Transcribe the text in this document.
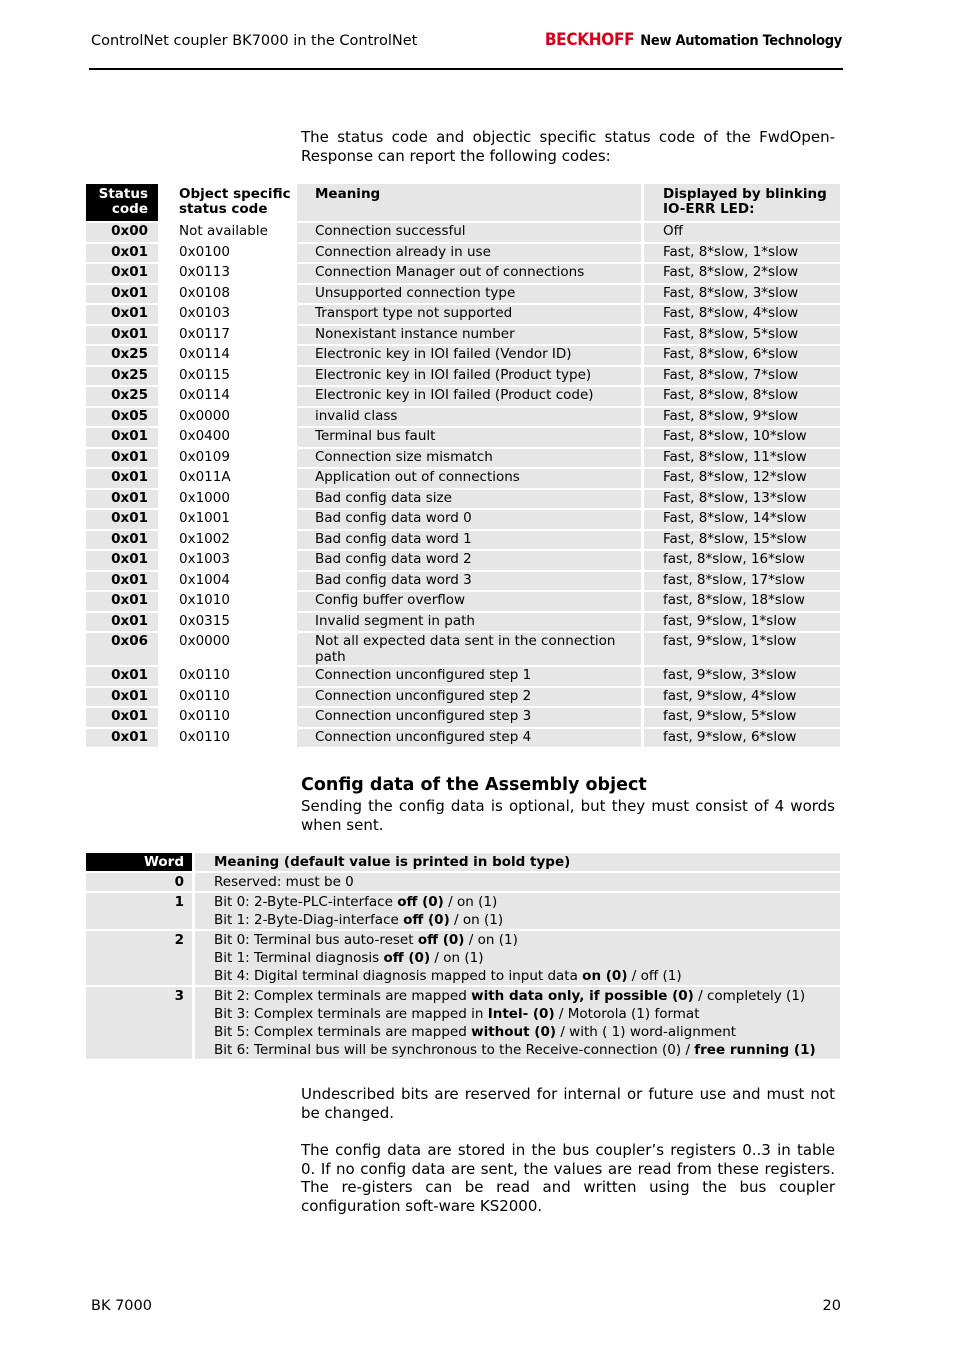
ControlNet coupler BK7000 in the ControlNet	BECKHOFF New Automation Technology
The status code and objectic specific status code of the FwdOpen-Response can report the following codes:
Status code	Object specific status code	Meaning	Displayed by blinking IO-ERR LED:
0x00	Not available	Connection successful	Off
0x01	0x0100	Connection already in use	Fast, 8*slow, 1*slow
0x01	0x0113	Connection Manager out of connections	Fast, 8*slow, 2*slow
0x01	0x0108	Unsupported connection type	Fast, 8*slow, 3*slow
0x01	0x0103	Transport type not supported	Fast, 8*slow, 4*slow
0x01	0x0117	Nonexistant instance number	Fast, 8*slow, 5*slow
0x25	0x0114	Electronic key in IOI failed (Vendor ID)	Fast, 8*slow, 6*slow
0x25	0x0115	Electronic key in IOI failed (Product type)	Fast, 8*slow, 7*slow
0x25	0x0114	Electronic key in IOI failed (Product code)	Fast, 8*slow, 8*slow
0x05	0x0000	invalid class	Fast, 8*slow, 9*slow
0x01	0x0400	Terminal bus fault	Fast, 8*slow, 10*slow
0x01	0x0109	Connection size mismatch	Fast, 8*slow, 11*slow
0x01	0x011A	Application out of connections	Fast, 8*slow, 12*slow
0x01	0x1000	Bad config data size	Fast, 8*slow, 13*slow
0x01	0x1001	Bad config data word 0	Fast, 8*slow, 14*slow
0x01	0x1002	Bad config data word 1	Fast, 8*slow, 15*slow
0x01	0x1003	Bad config data word 2	fast, 8*slow, 16*slow
0x01	0x1004	Bad config data word 3	fast, 8*slow, 17*slow
0x01	0x1010	Config buffer overflow	fast, 8*slow, 18*slow
0x01	0x0315	Invalid segment in path	fast, 9*slow, 1*slow
0x06	0x0000	Not all expected data sent in the connection path	fast, 9*slow, 1*slow
0x01	0x0110	Connection unconfigured step 1	fast, 9*slow, 3*slow
0x01	0x0110	Connection unconfigured step 2	fast, 9*slow, 4*slow
0x01	0x0110	Connection unconfigured step 3	fast, 9*slow, 5*slow
0x01	0x0110	Connection unconfigured step 4	fast, 9*slow, 6*slow
Config data of the Assembly object
Sending the config data is optional, but they must consist of 4 words when sent.
Word	Meaning (default value is printed in bold type)
0	Reserved: must be 0

1	Bit 0: 2-Byte-PLC-interface off (0) / on (1)
Bit 1: 2-Byte-Diag-interface off (0) / on (1)

2	Bit 0: Terminal bus auto-reset off (0) / on (1)
Bit 1: Terminal diagnosis off (0) / on (1)
Bit 4: Digital terminal diagnosis mapped to input data on (0) / off (1)

3	Bit 2: Complex terminals are mapped with data only, if possible (0) / completely (1)
Bit 3: Complex terminals are mapped in Intel- (0) / Motorola (1) format
Bit 5: Complex terminals are mapped without (0) / with ( 1) word-alignment
Bit 6: Terminal bus will be synchronous to the Receive-connection (0) / free running (1)
Undescribed bits are reserved for internal or future use and must not be changed.
The config data are stored in the bus coupler’s registers 0..3 in table 0. If no config data are sent, the values are read from these registers. The re-gisters can be read and written using the bus coupler configuration soft-ware KS2000.
BK 7000	20
